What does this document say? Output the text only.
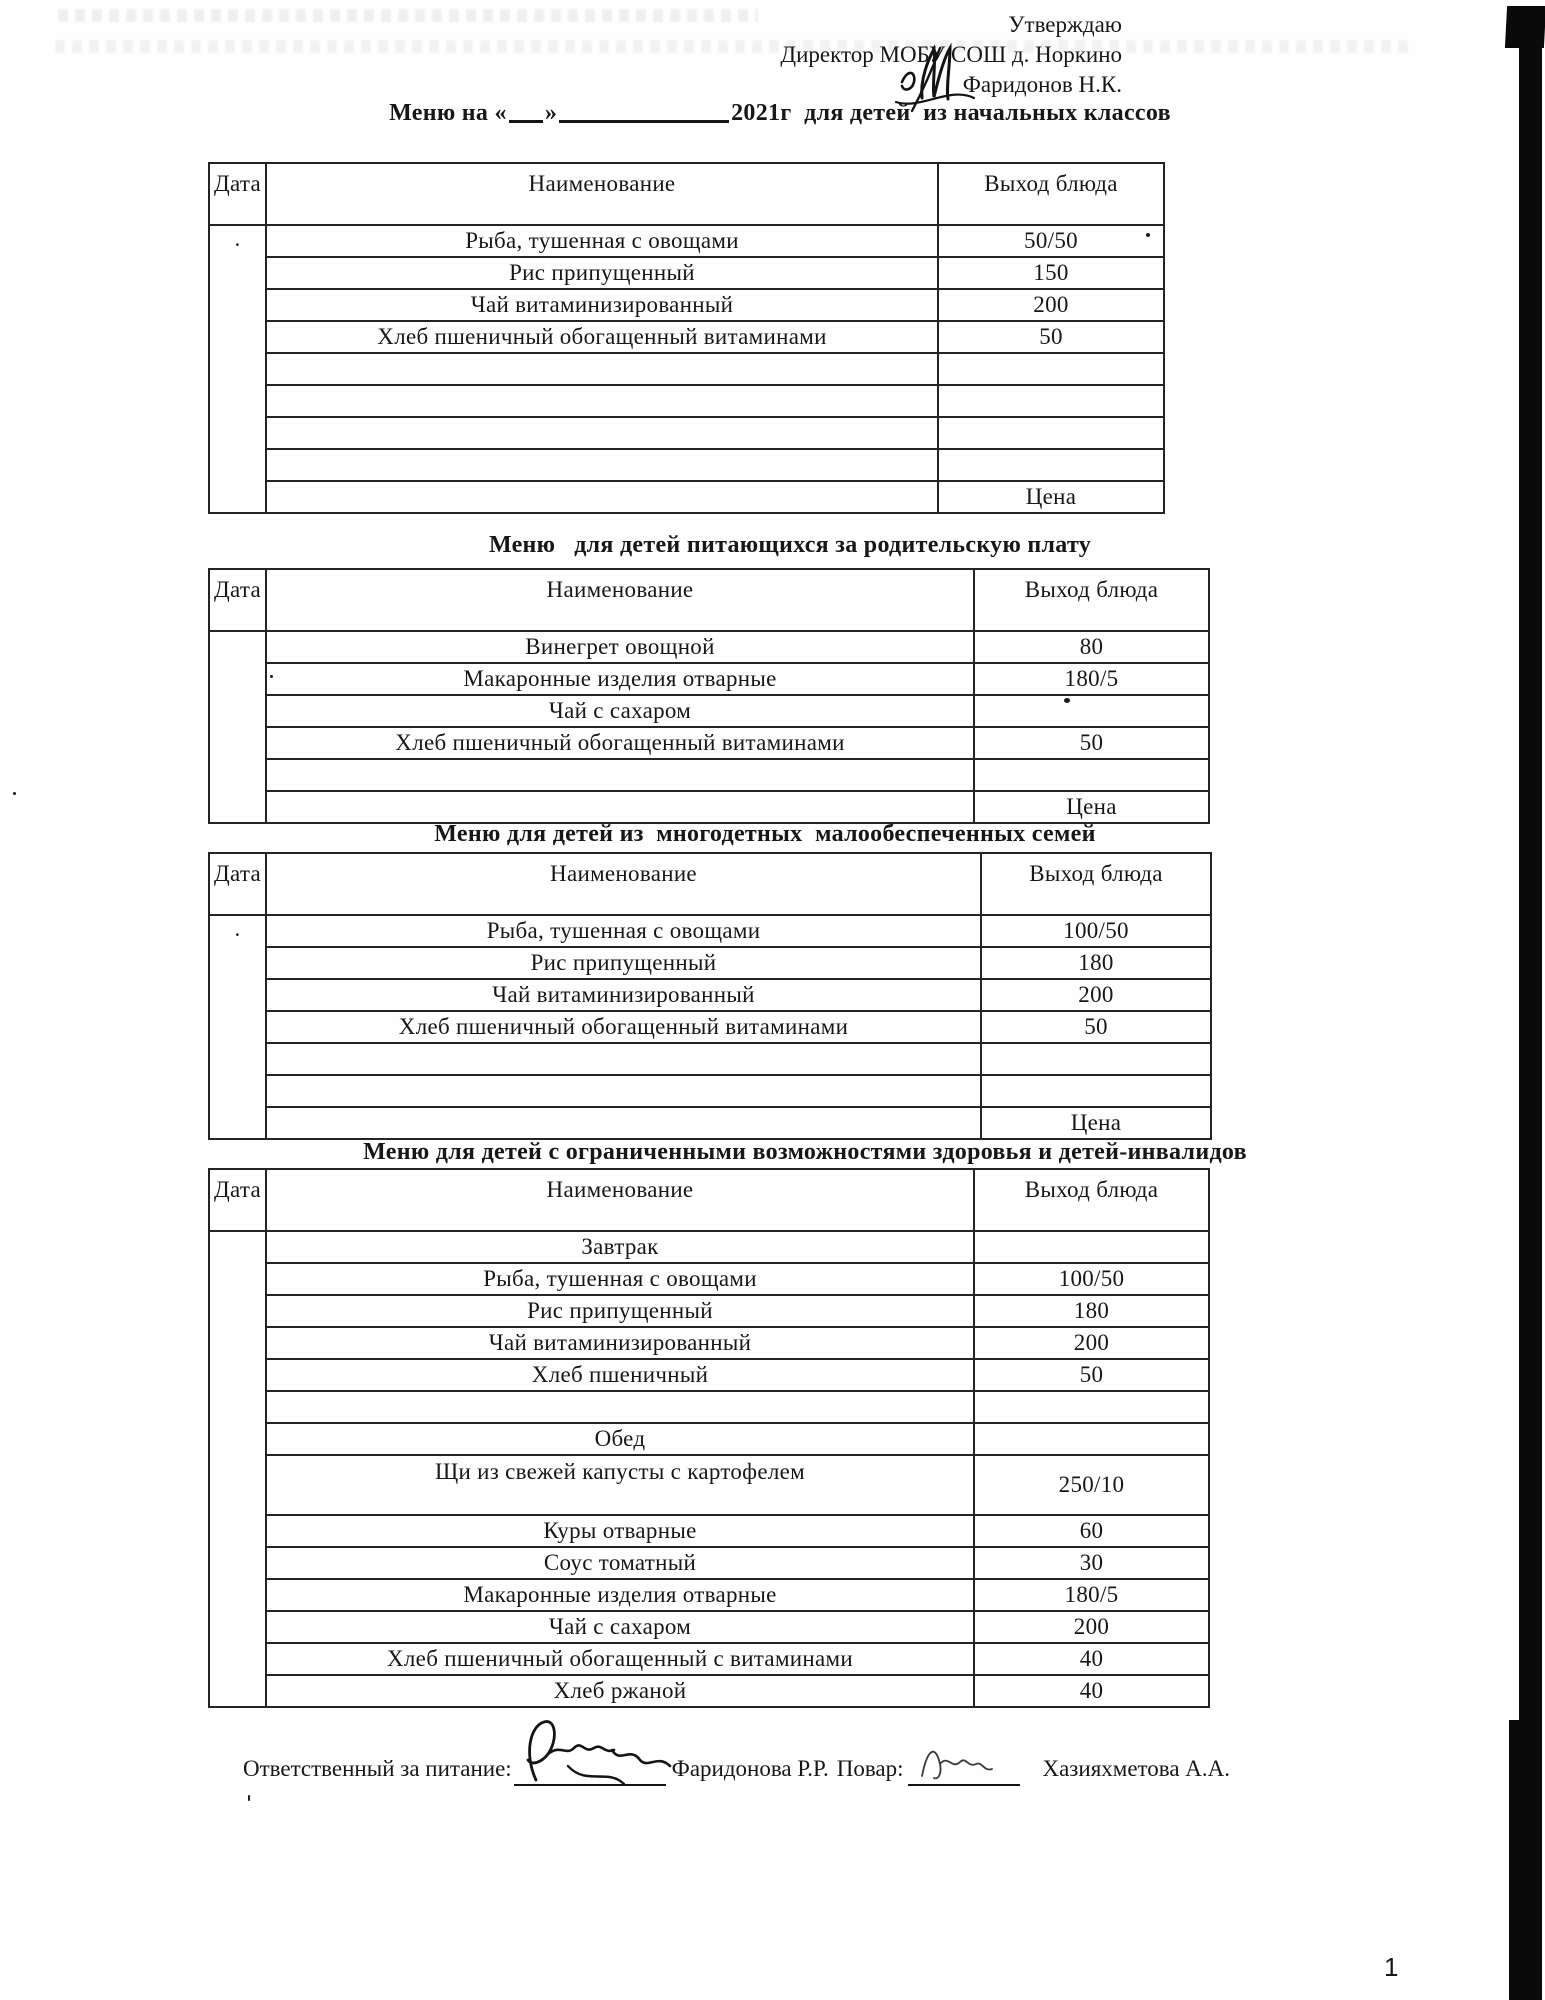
Утверждаю
Директор МОБУ СОШ д. Норкино
Фаридонов Н.К.
Меню на « »	2021г  для детей  из начальных классов
Дата	Наименование	Выход блюда
.	Рыба, тушенная с овощами	50/50
	Рис припущенный	150
	Чай витаминизированный	200
	Хлеб пшеничный обогащенный витаминами	50

		Цена
Меню   для детей питающихся за родительскую плату
Дата	Наименование	Выход блюда
	Винегрет овощной	80
	Макаронные изделия отварные	180/5
	Чай с сахаром	
	Хлеб пшеничный обогащенный витаминами	50

		Цена
Меню для детей из  многодетных  малообеспеченных семей
Дата	Наименование	Выход блюда
.	Рыба, тушенная с овощами	100/50
	Рис припущенный	180
	Чай витаминизированный	200
	Хлеб пшеничный обогащенный витаминами	50

		Цена
Меню для детей с ограниченными возможностями здоровья и детей-инвалидов
Дата	Наименование	Выход блюда
	Завтрак	
	Рыба, тушенная с овощами	100/50
	Рис припущенный	180
	Чай витаминизированный	200
	Хлеб пшеничный	50

	Обед	
	Щи из свежей капусты с картофелем	250/10
	Куры отварные	60
	Соус томатный	30
	Макаронные изделия отварные	180/5
	Чай с сахаром	200
	Хлеб пшеничный обогащенный с витаминами	40
	Хлеб ржаной	40
Ответственный за питание:	Фаридонова Р.Р. Повар:	Хазияхметова А.А.
1
